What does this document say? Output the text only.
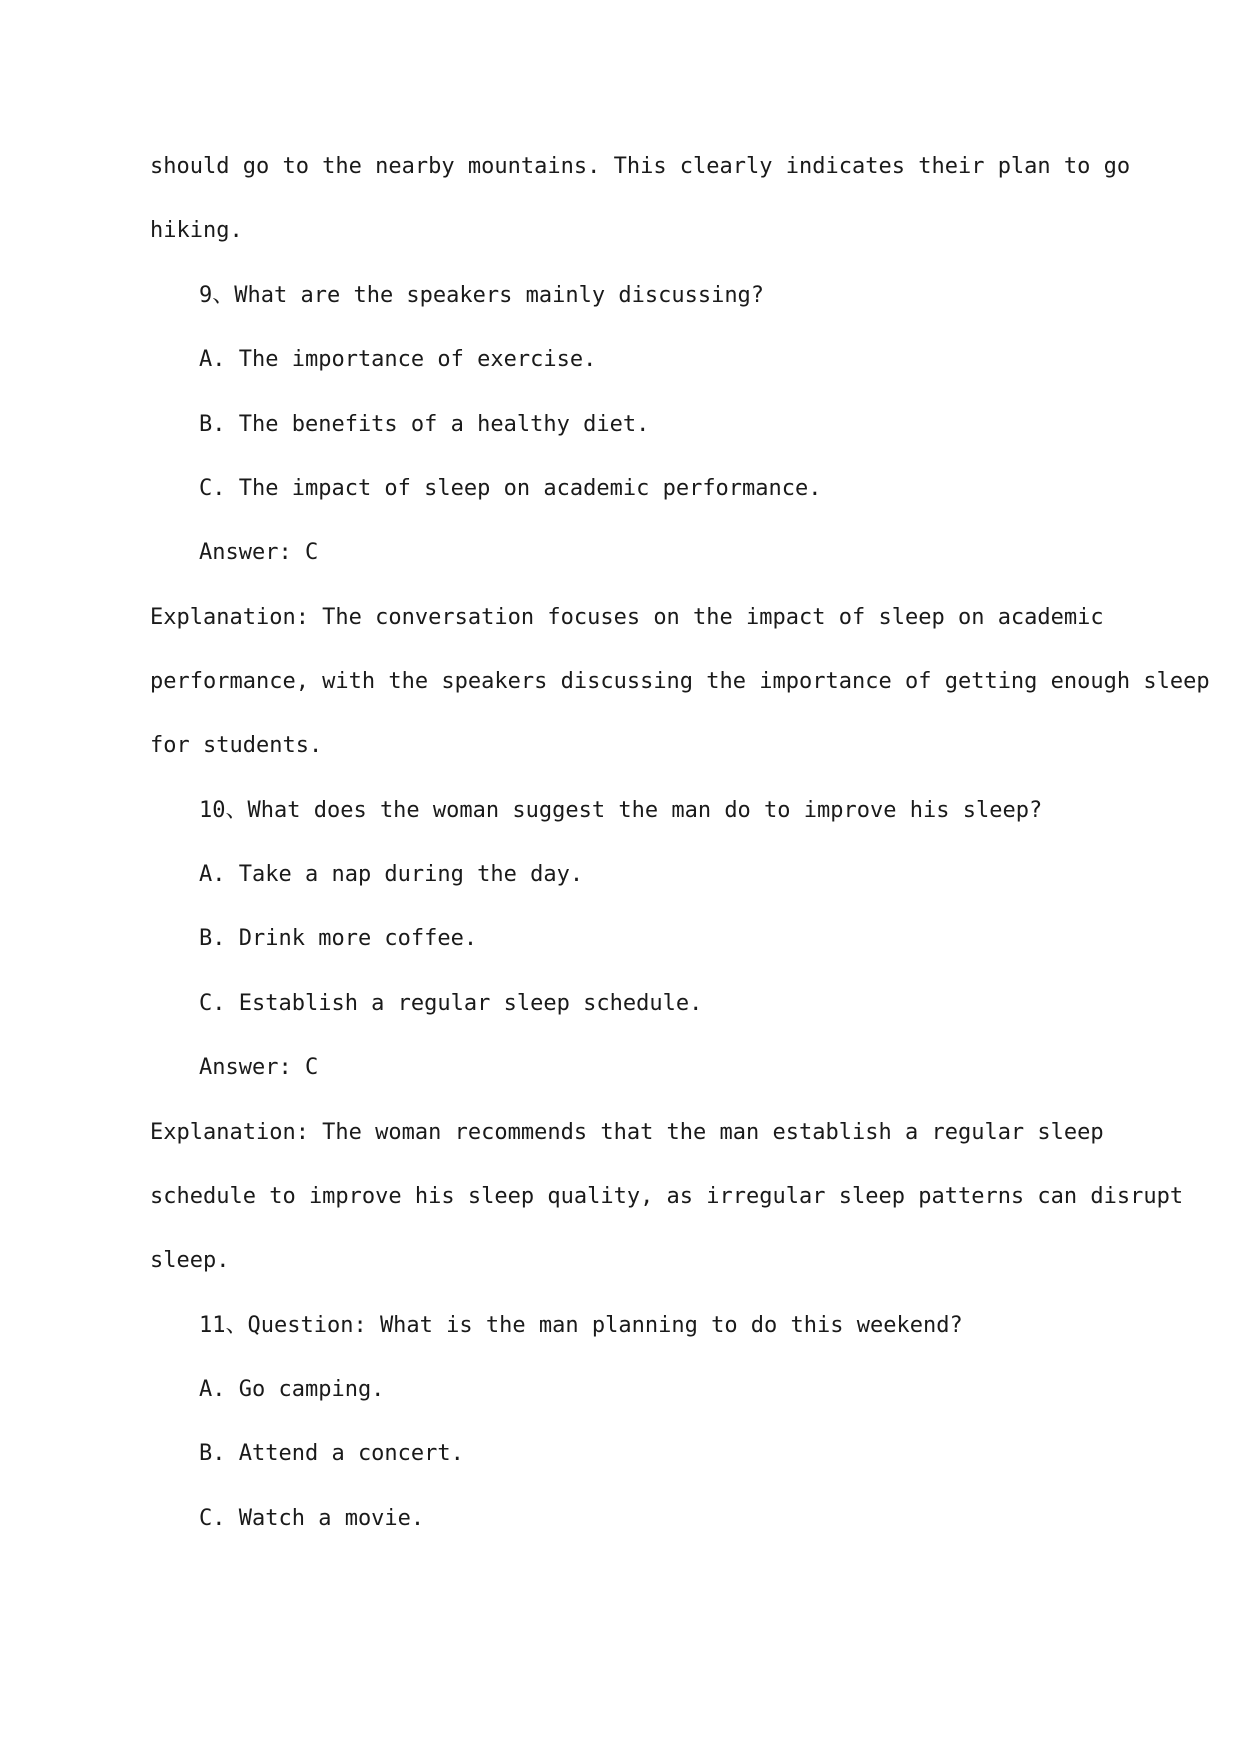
should go to the nearby mountains. This clearly indicates their plan to go
hiking.
9、What are the speakers mainly discussing?
A. The importance of exercise.
B. The benefits of a healthy diet.
C. The impact of sleep on academic performance.
Answer: C
Explanation: The conversation focuses on the impact of sleep on academic
performance, with the speakers discussing the importance of getting enough sleep
for students.
10、What does the woman suggest the man do to improve his sleep?
A. Take a nap during the day.
B. Drink more coffee.
C. Establish a regular sleep schedule.
Answer: C
Explanation: The woman recommends that the man establish a regular sleep
schedule to improve his sleep quality, as irregular sleep patterns can disrupt
sleep.
11、Question: What is the man planning to do this weekend?
A. Go camping.
B. Attend a concert.
C. Watch a movie.
